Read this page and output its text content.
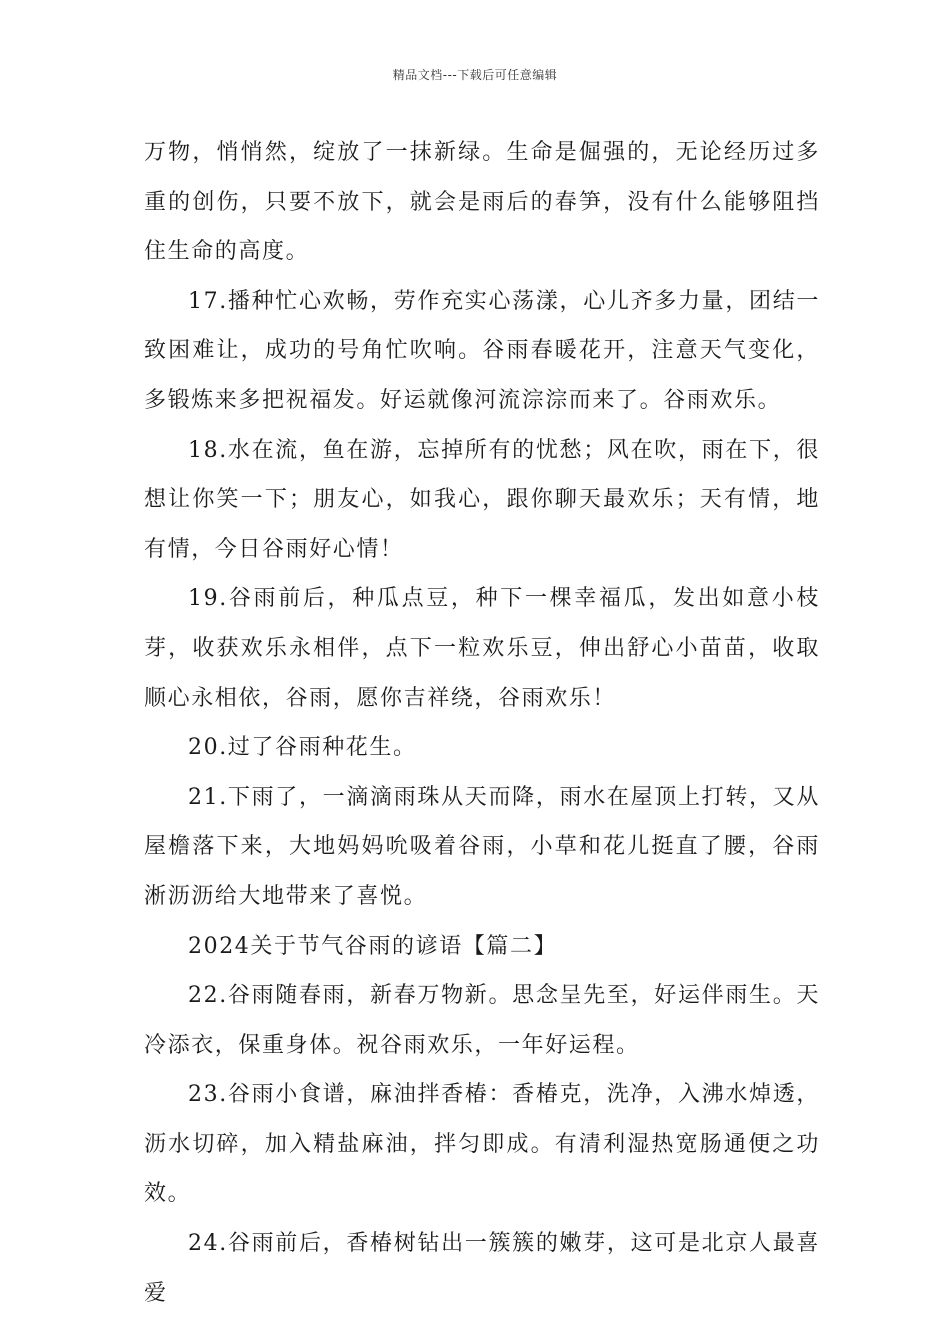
精品文档---下载后可任意编辑

万物，悄悄然，绽放了一抹新绿。生命是倔强的，无论经历过多重的创伤，只要不放下，就会是雨后的春笋，没有什么能够阻挡住生命的高度。

17.播种忙心欢畅，劳作充实心荡漾，心儿齐多力量，团结一致困难让，成功的号角忙吹响。谷雨春暖花开，注意天气变化，多锻炼来多把祝福发。好运就像河流淙淙而来了。谷雨欢乐。

18.水在流，鱼在游，忘掉所有的忧愁；风在吹，雨在下，很想让你笑一下；朋友心，如我心，跟你聊天最欢乐；天有情，地有情，今日谷雨好心情！

19.谷雨前后，种瓜点豆，种下一棵幸福瓜，发出如意小枝芽，收获欢乐永相伴，点下一粒欢乐豆，伸出舒心小苗苗，收取顺心永相依，谷雨，愿你吉祥绕，谷雨欢乐！

20.过了谷雨种花生。

21.下雨了，一滴滴雨珠从天而降，雨水在屋顶上打转，又从屋檐落下来，大地妈妈吮吸着谷雨，小草和花儿挺直了腰，谷雨淅沥沥给大地带来了喜悦。

2024关于节气谷雨的谚语【篇二】

22.谷雨随春雨，新春万物新。思念呈先至，好运伴雨生。天冷添衣，保重身体。祝谷雨欢乐，一年好运程。

23.谷雨小食谱，麻油拌香椿：香椿克，洗净，入沸水焯透，沥水切碎，加入精盐麻油，拌匀即成。有清利湿热宽肠通便之功效。

24.谷雨前后，香椿树钻出一簇簇的嫩芽，这可是北京人最喜爱
